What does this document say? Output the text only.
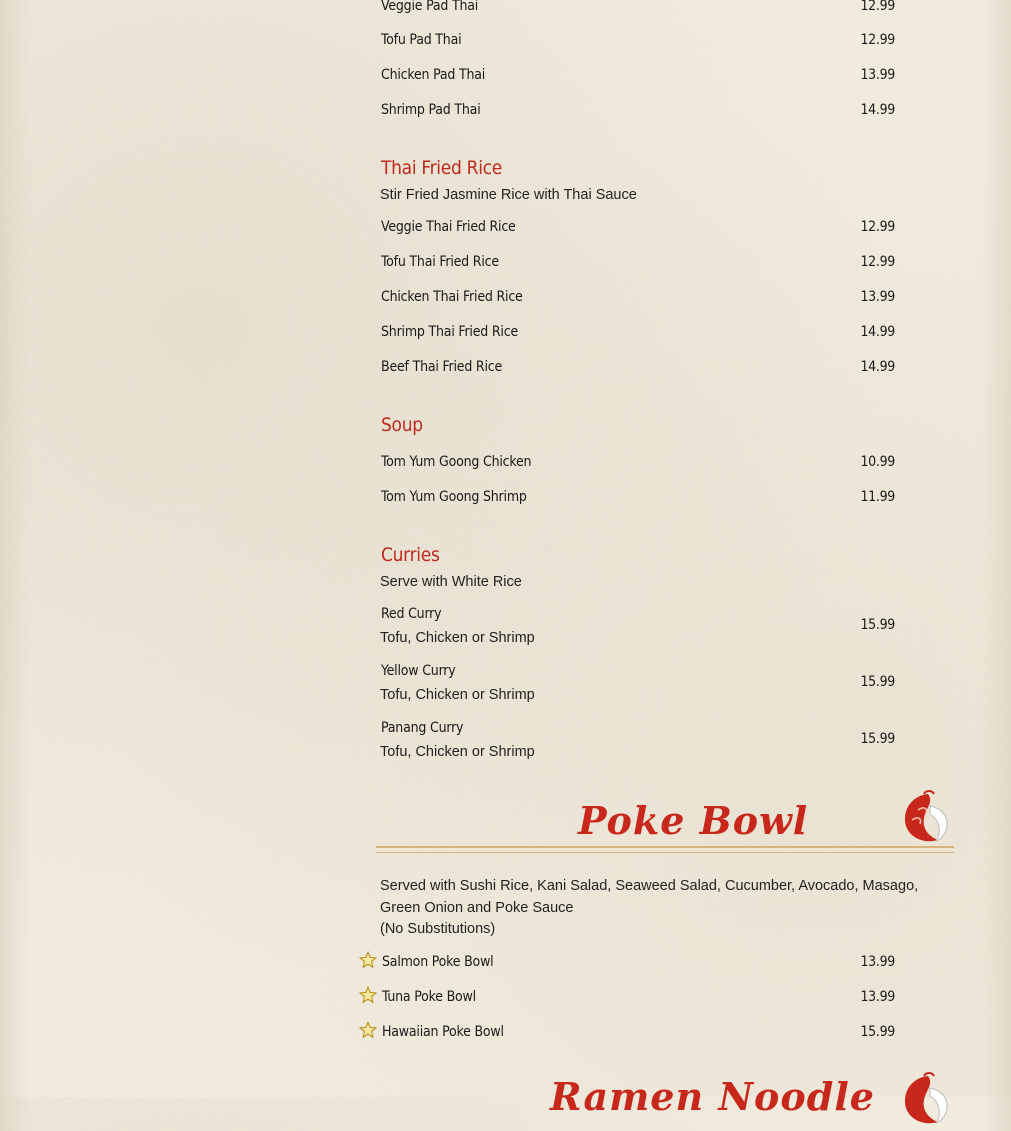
Veggie Pad Thai	12.99
Tofu Pad Thai	12.99
Chicken Pad Thai	13.99
Shrimp Pad Thai	14.99
Thai Fried Rice
Stir Fried Jasmine Rice with Thai Sauce
Veggie Thai Fried Rice	12.99
Tofu Thai Fried Rice	12.99
Chicken Thai Fried Rice	13.99
Shrimp Thai Fried Rice	14.99
Beef Thai Fried Rice	14.99
Soup
Tom Yum Goong Chicken	10.99
Tom Yum Goong Shrimp	11.99
Curries
Serve with White Rice
Red Curry
Tofu, Chicken or Shrimp
15.99
Yellow Curry
Tofu, Chicken or Shrimp
15.99
Panang Curry
Tofu, Chicken or Shrimp
15.99
Poke Bowl
Served with Sushi Rice, Kani Salad, Seaweed Salad, Cucumber, Avocado, Masago, Green Onion and Poke Sauce
(No Substitutions)
Salmon Poke Bowl	13.99
Tuna Poke Bowl	13.99
Hawaiian Poke Bowl	15.99
Ramen Noodle
